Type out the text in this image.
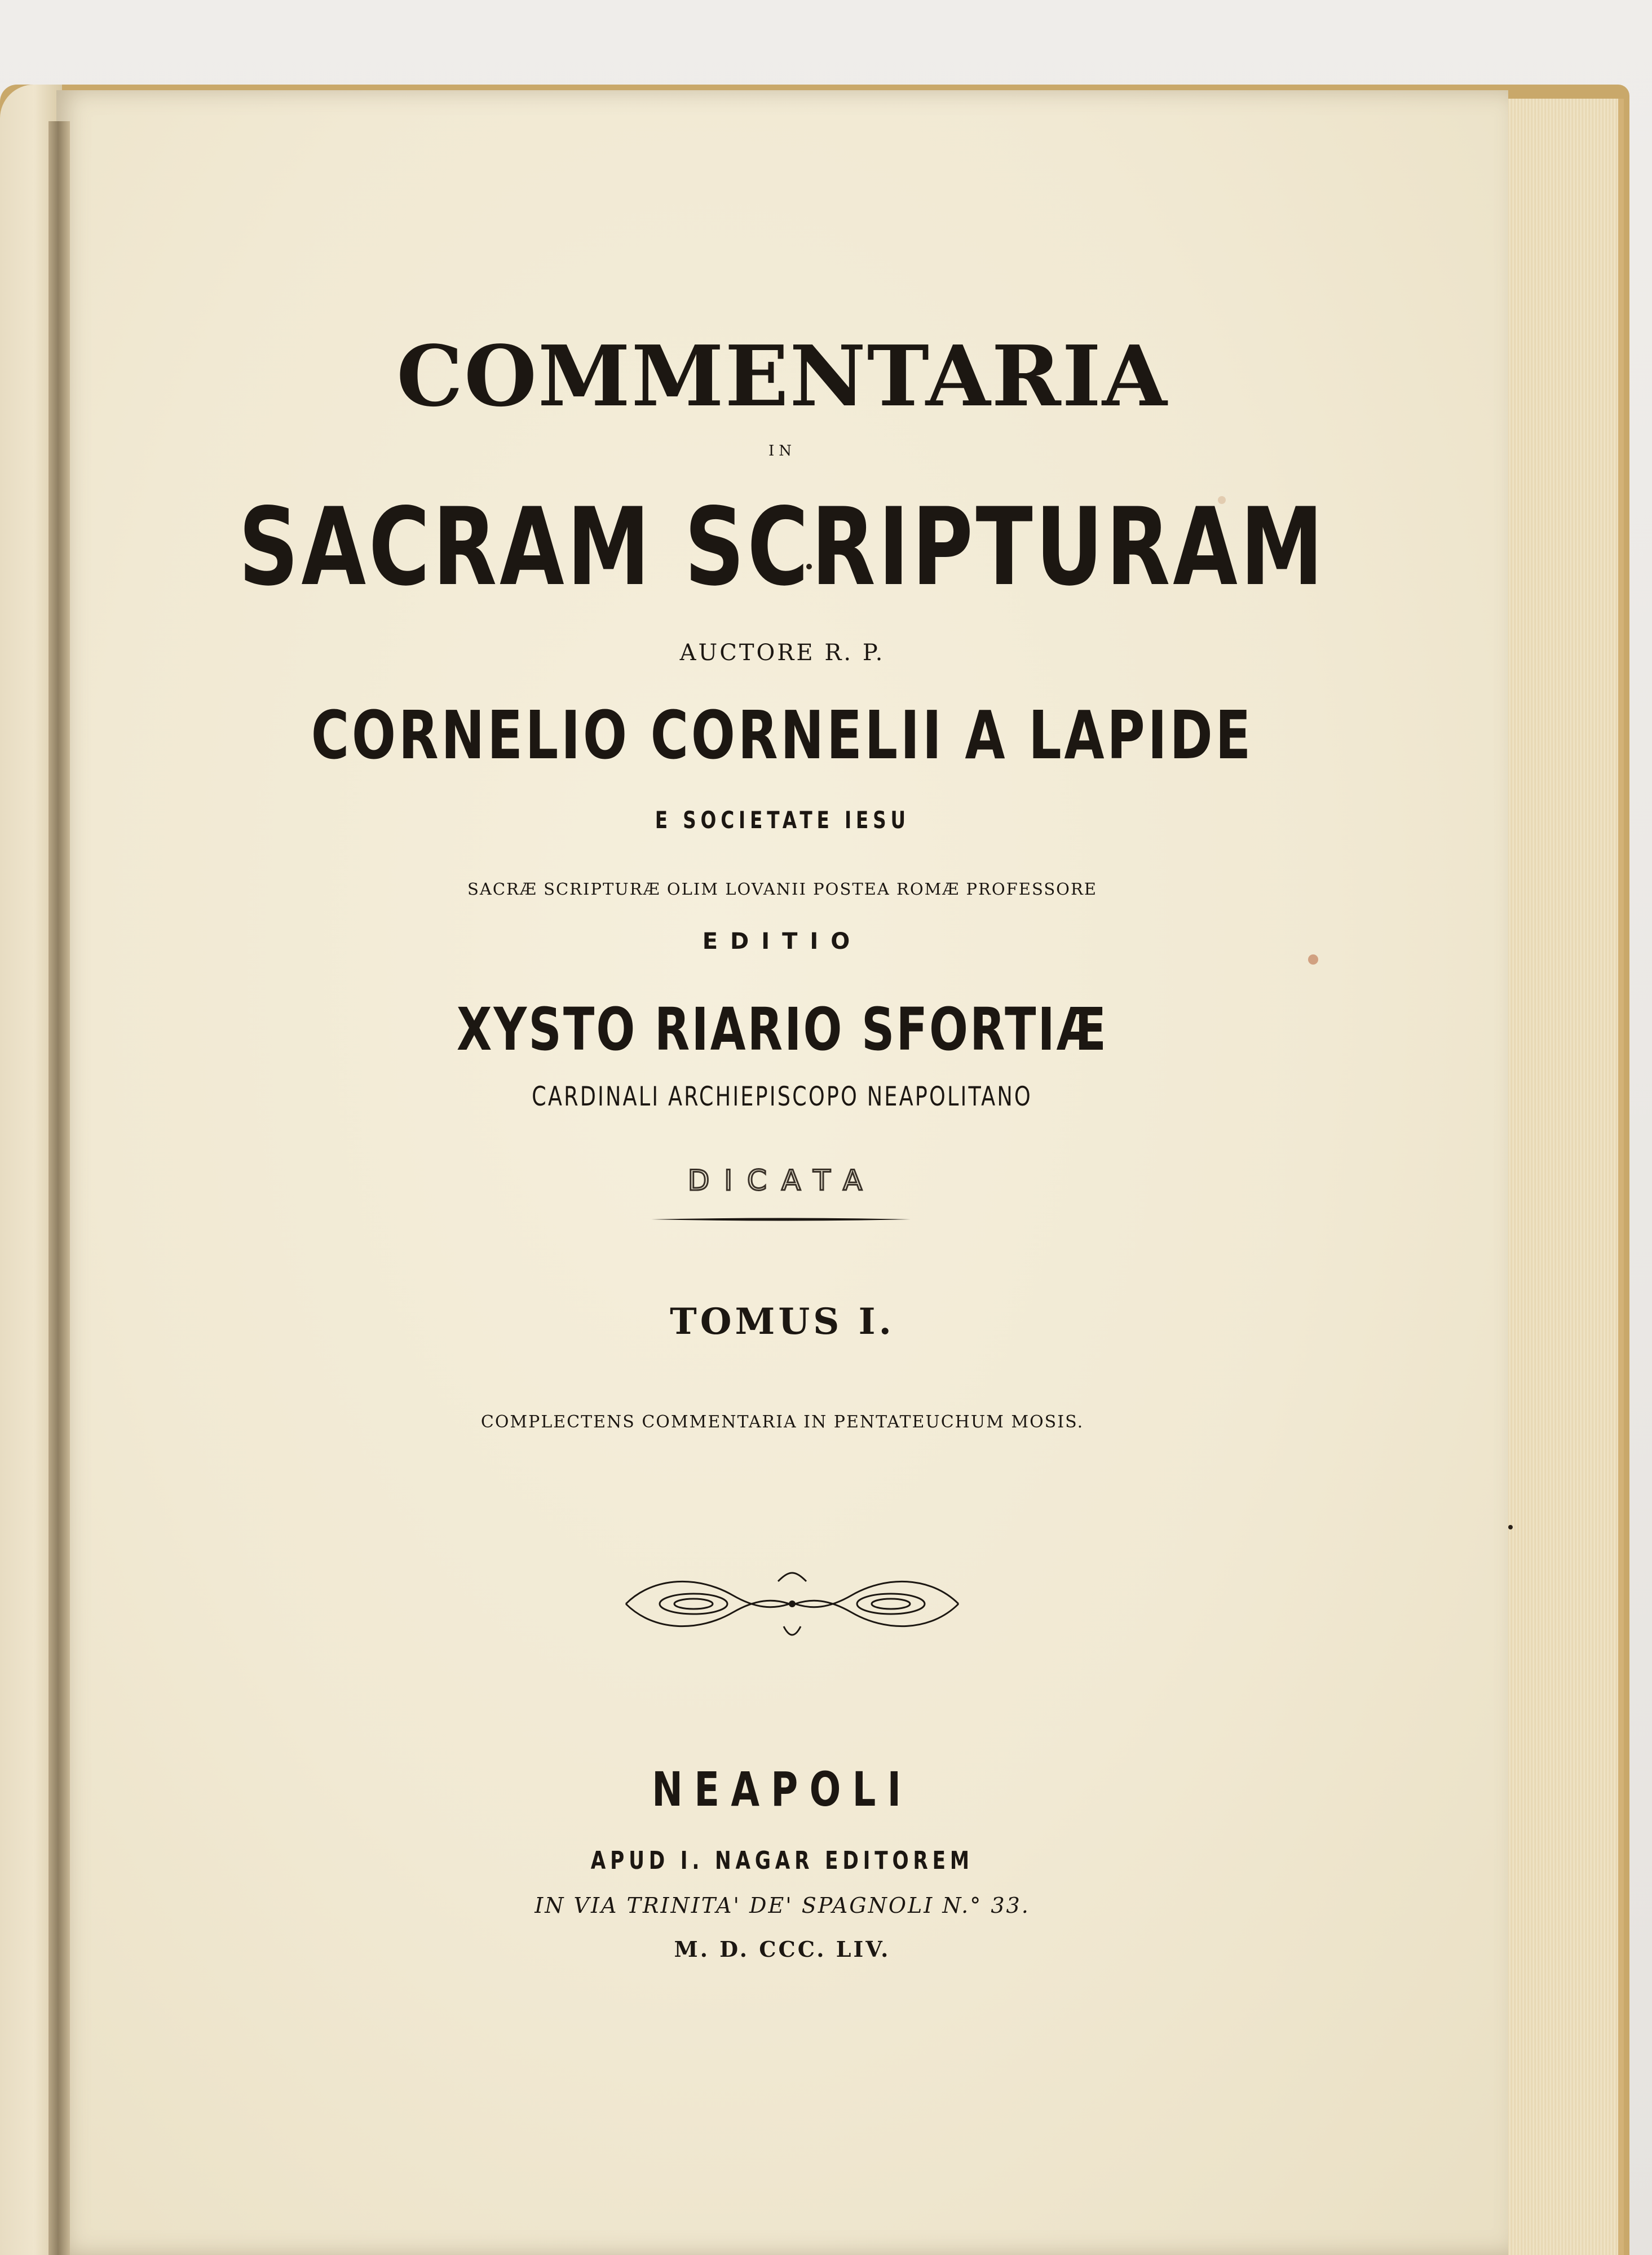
COMMENTARIA
IN
SACRAM SCRIPTURAM
AUCTORE R. P.
CORNELIO CORNELII A LAPIDE
E SOCIETATE IESU
SACRÆ SCRIPTURÆ OLIM LOVANII POSTEA ROMÆ PROFESSORE
EDITIO
XYSTO RIARIO SFORTIÆ
CARDINALI ARCHIEPISCOPO NEAPOLITANO
DICATA
TOMUS I.
COMPLECTENS COMMENTARIA IN PENTATEUCHUM MOSIS.
NEAPOLI
APUD I. NAGAR EDITOREM
IN VIA TRINITA' DE' SPAGNOLI N.° 33.
M. D. CCC. LIV.
